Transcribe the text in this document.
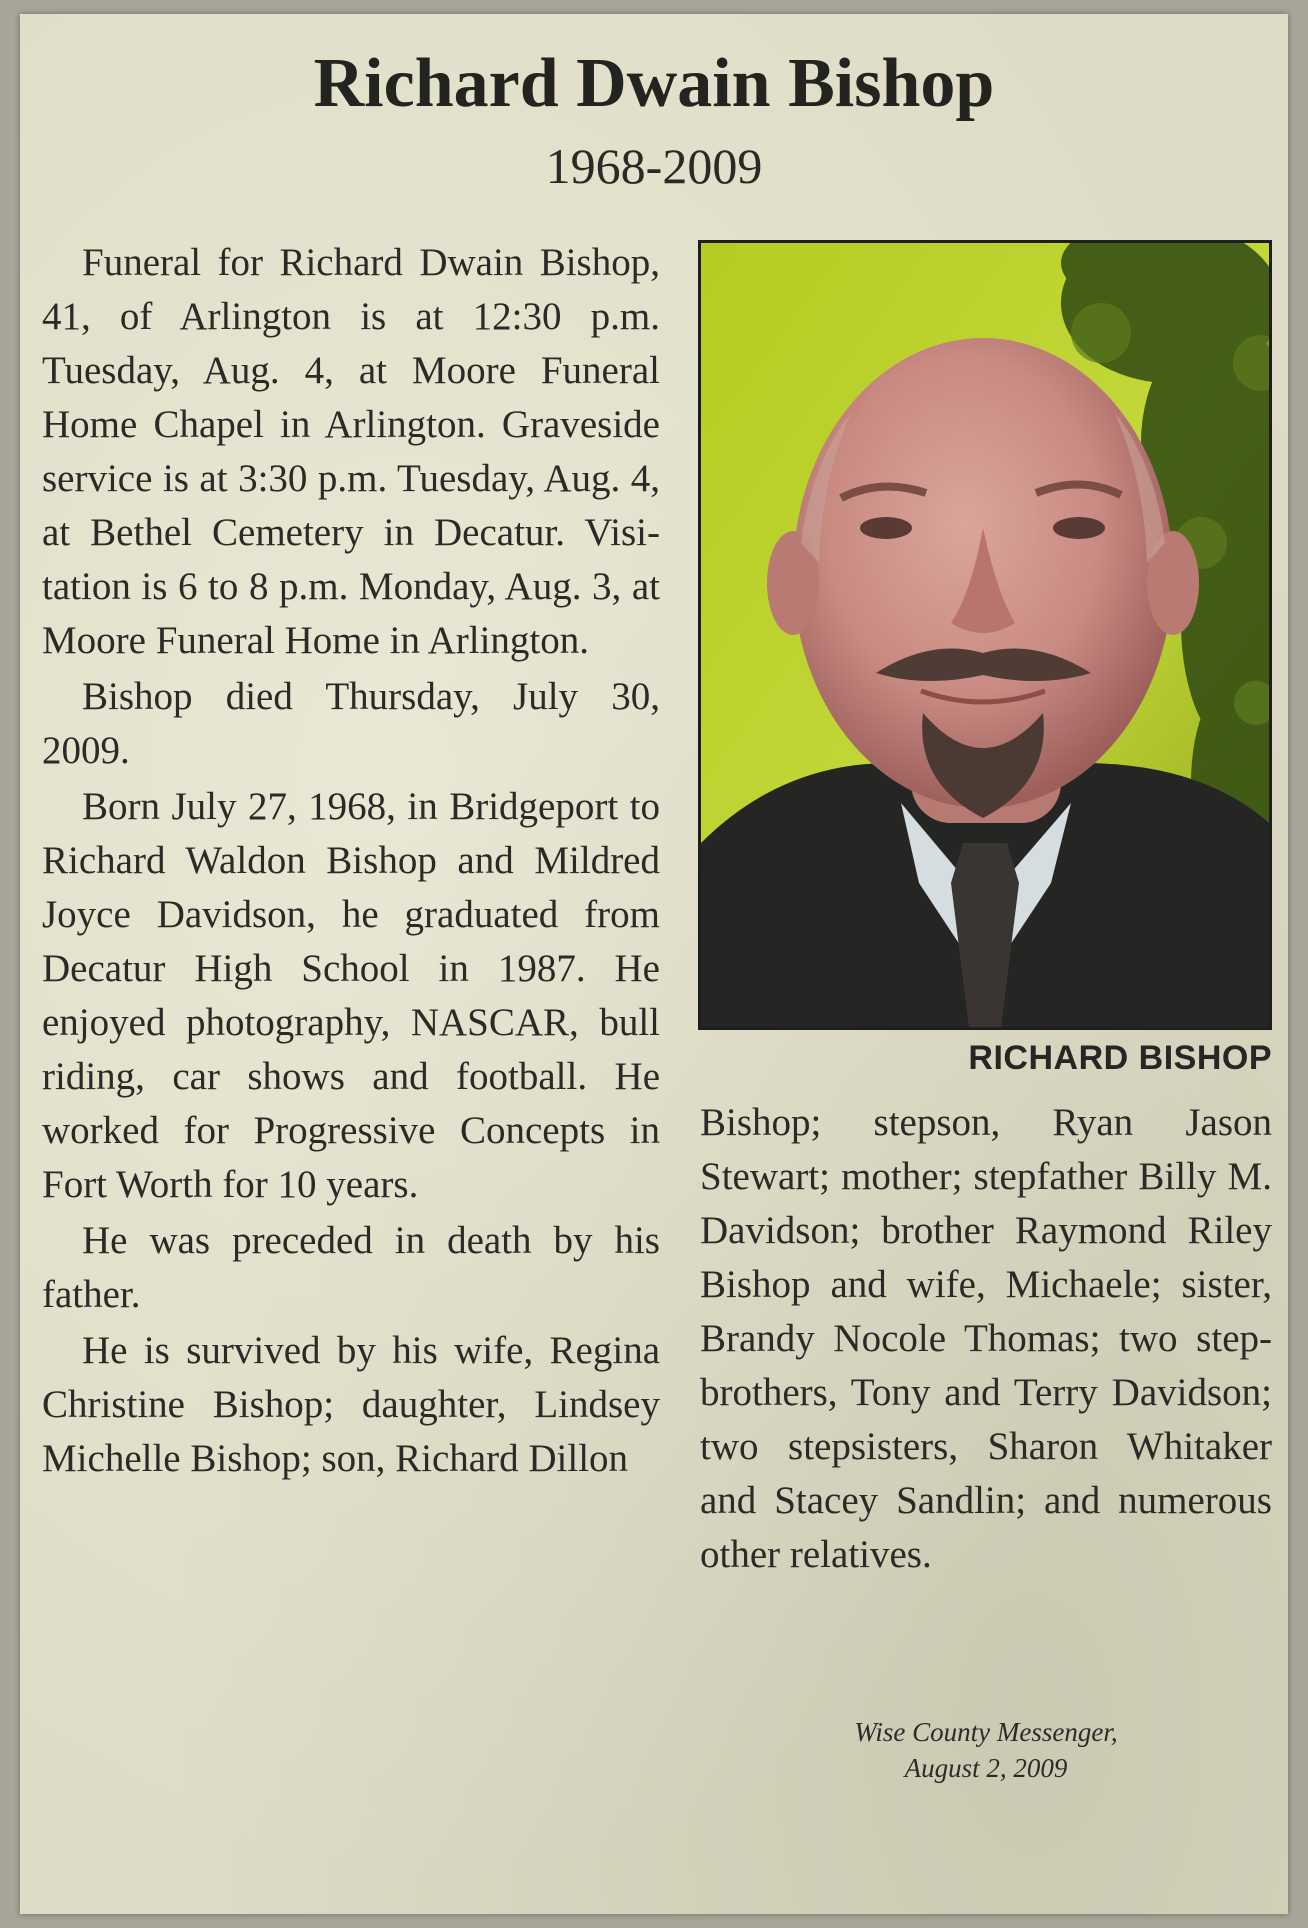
Richard Dwain Bishop
1968-2009

Funeral for Richard Dwain Bishop, 41, of Arlington is at 12:30 p.m. Tuesday, Aug. 4, at Moore Funeral Home Chapel in Arlington. Graveside service is at 3:30 p.m. Tuesday, Aug. 4, at Bethel Cemetery in Decatur. Visitation is 6 to 8 p.m. Monday, Aug. 3, at Moore Funeral Home in Arlington.

Bishop died Thursday, July 30, 2009.

Born July 27, 1968, in Bridgeport to Richard Waldon Bishop and Mildred Joyce Davidson, he graduated from Decatur High School in 1987. He enjoyed photography, NASCAR, bull riding, car shows and football. He worked for Progressive Concepts in Fort Worth for 10 years.

He was preceded in death by his father.

He is survived by his wife, Regina Christine Bishop; daughter, Lindsey Michelle Bishop; son, Richard Dillon

RICHARD BISHOP

Bishop; stepson, Ryan Jason Stewart; mother; stepfather Billy M. Davidson; brother Raymond Riley Bishop and wife, Michaele; sister, Brandy Nocole Thomas; two stepbrothers, Tony and Terry Davidson; two stepsisters, Sharon Whitaker and Stacey Sandlin; and numerous other relatives.

Wise County Messenger,
August 2, 2009
